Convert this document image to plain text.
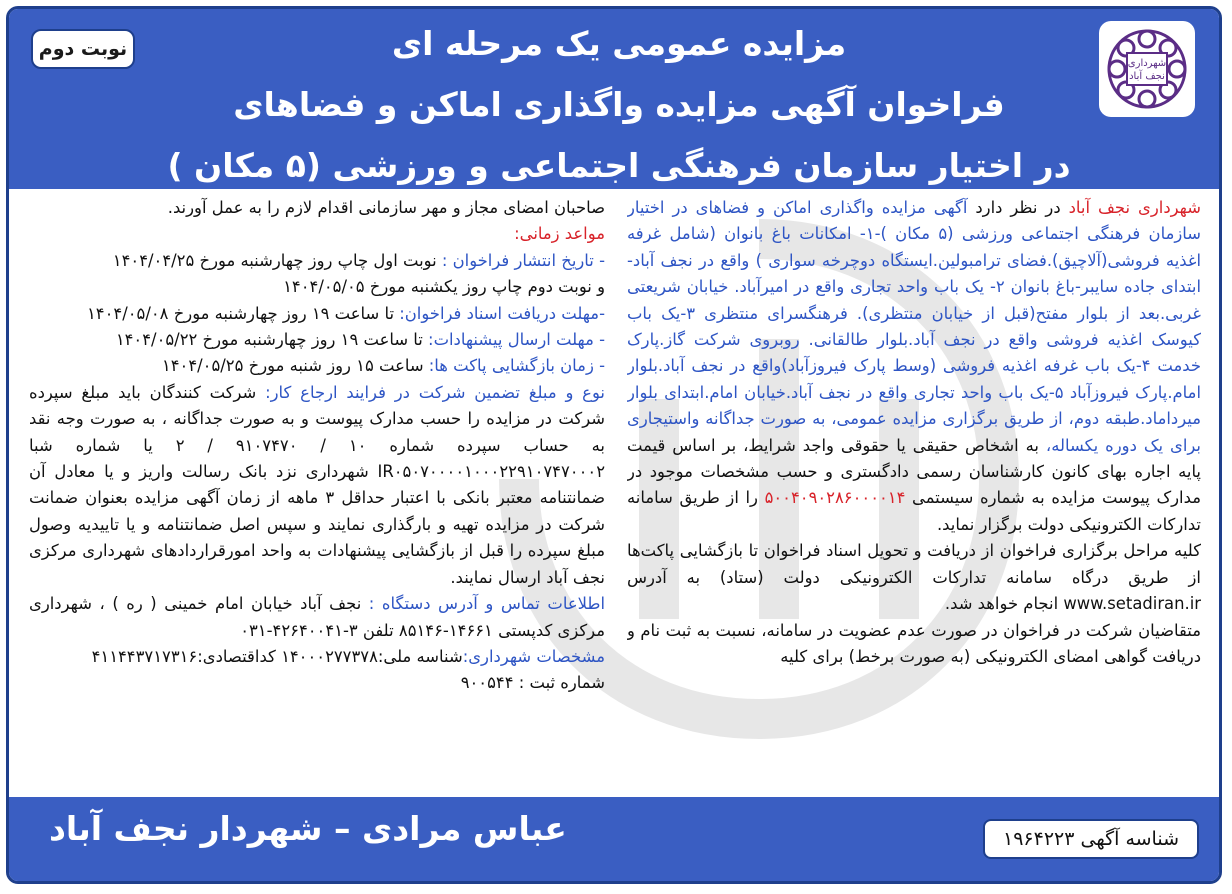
نوبت دوم	مزایده عمومی یک مرحله ای
فراخوان آگهی مزایده واگذاری اماکن و فضاهای
در اختیار سازمان فرهنگی اجتماعی و ورزشی (۵ مکان )
شهرداری
نجف آباد
شهرداری نجف آباد در نظر دارد آگهی مزایده واگذاری اماکن و فضاهای در اختیار سازمان فرهنگی اجتماعی ورزشی (۵ مکان )-۱- امکانات باغ بانوان (شامل غرفه اغذیه فروشی(آلاچیق).فضای ترامبولین.ایستگاه دوچرخه سواری ) واقع در نجف آباد-ابتدای جاده سایبر-باغ بانوان ۲- یک باب واحد تجاری واقع در امیرآباد. خیابان شریعتی غربی.بعد از بلوار مفتح(قبل از خیابان منتظری). فرهنگسرای منتظری ۳-یک باب کیوسک اغذیه فروشی واقع در نجف آباد.بلوار طالقانی. روبروی شرکت گاز.پارک خدمت ۴-یک باب غرفه اغذیه فروشی (وسط پارک فیروزآباد)واقع در نجف آباد.بلوار امام.پارک فیروزآباد ۵-یک باب واحد تجاری واقع در نجف آباد.خیابان امام.ابتدای بلوار میرداماد.طبقه دوم، از طریق برگزاری مزایده عمومی، به صورت جداگانه واستیجاری برای یک دوره یکساله، به اشخاص حقیقی یا حقوقی واجد شرایط، بر اساس قیمت پایه اجاره بهای کانون کارشناسان رسمی دادگستری و حسب مشخصات موجود در مدارک پیوست مزایده به شماره سیستمی ۵۰۰۴۰۹۰۲۸۶۰۰۰۰۱۴ را از طریق سامانه تدارکات الکترونیکی دولت برگزار نماید.
کلیه مراحل برگزاری فراخوان از دریافت و تحویل اسناد فراخوان تا بازگشایی پاکت‌ها از طریق درگاه سامانه تدارکات الکترونیکی دولت (ستاد) به آدرس www.setadiran.ir انجام خواهد شد.
متقاضیان شرکت در فراخوان در صورت عدم عضویت در سامانه، نسبت به ثبت نام و دریافت گواهی امضای الکترونیکی (به صورت برخط) برای کلیه
صاحبان امضای مجاز و مهر سازمانی اقدام لازم را به عمل آورند.
مواعد زمانی:
- تاریخ انتشار فراخوان : نوبت اول چاپ روز چهارشنبه مورخ ۱۴۰۴/۰۴/۲۵
و نوبت دوم چاپ روز یکشنبه مورخ ۱۴۰۴/۰۵/۰۵
-مهلت دریافت اسناد فراخوان: تا ساعت ۱۹ روز چهارشنبه مورخ ۱۴۰۴/۰۵/۰۸
- مهلت ارسال پیشنهادات: تا ساعت ۱۹ روز چهارشنبه مورخ ۱۴۰۴/۰۵/۲۲
- زمان بازگشایی پاکت ها: ساعت ۱۵ روز شنبه مورخ ۱۴۰۴/۰۵/۲۵
نوع و مبلغ تضمین شرکت در فرایند ارجاع کار: شرکت کنندگان باید مبلغ سپرده شرکت در مزایده را حسب مدارک پیوست و به صورت جداگانه ، به صورت وجه نقد به حساب سپرده شماره ۱۰ / ۹۱۰۷۴۷۰ / ۲ یا شماره شبا IR۰۵۰۷۰۰۰۰۱۰۰۰۲۲۹۱۰۷۴۷۰۰۰۲ شهرداری نزد بانک رسالت واریز و یا معادل آن ضمانتنامه معتبر بانکی با اعتبار حداقل ۳ ماهه از زمان آگهی مزایده بعنوان ضمانت شرکت در مزایده تهیه و بارگذاری نمایند و سپس اصل ضمانتنامه و یا تاییدیه وصول مبلغ سپرده را قبل از بازگشایی پیشنهادات به واحد امورقراردادهای شهرداری مرکزی نجف آباد ارسال نمایند.
اطلاعات تماس و آدرس دستگاه : نجف آباد خیابان امام خمینی ( ره ) ، شهرداری مرکزی کدپستی ۱۴۶۶۱-۸۵۱۴۶ تلفن ۳-۴۲۶۴۰۰۴۱-۰۳۱
مشخصات شهرداری:شناسه ملی:۱۴۰۰۰۲۷۷۳۷۸ کداقتصادی:۴۱۱۴۴۳۷۱۷۳۱۶
شماره ثبت : ۹۰۰۵۴۴
شناسه آگهی ۱۹۶۴۲۲۳
عباس مرادی – شهردار نجف آباد
